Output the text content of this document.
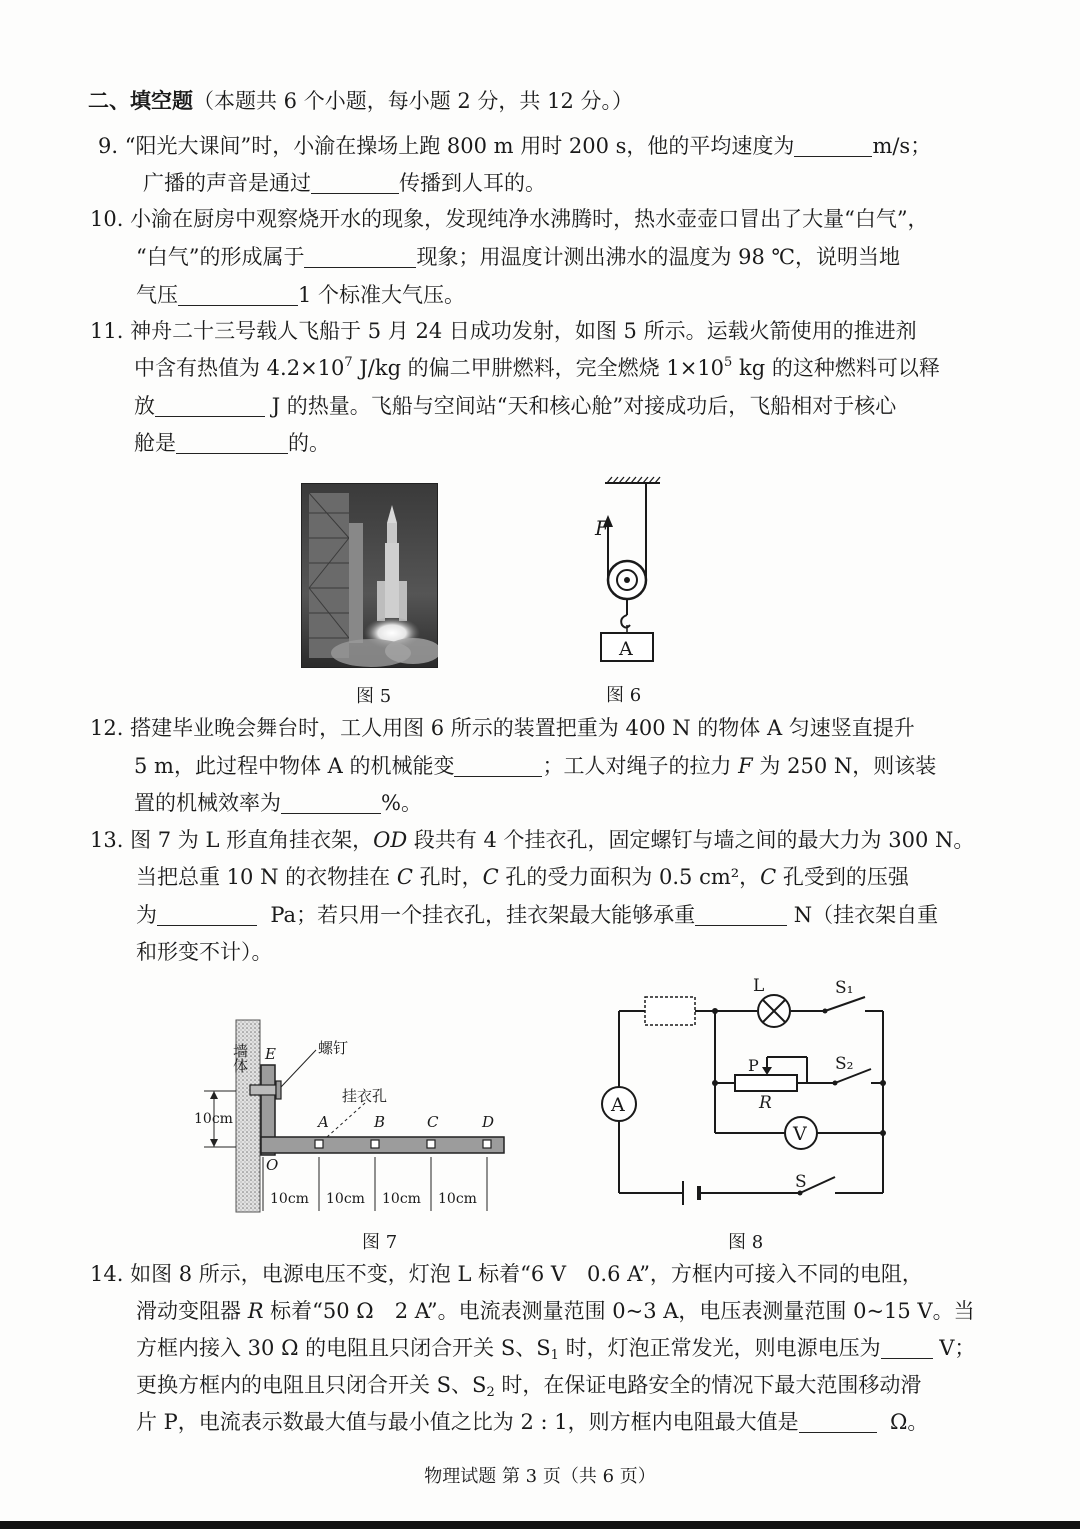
二、填空题（本题共 6 个小题，每小题 2 分，共 12 分。）
9. “阳光大课间”时，小渝在操场上跑 800 m 用时 200 s，他的平均速度为	m/s；
广播的声音是通过	传播到人耳的。
10. 小渝在厨房中观察烧开水的现象，发现纯净水沸腾时，热水壶壶口冒出了大量“白气”，
“白气”的形成属于	现象；用温度计测出沸水的温度为 98 ℃，说明当地
气压	1 个标准大气压。
11. 神舟二十三号载人飞船于 5 月 24 日成功发射，如图 5 所示。运载火箭使用的推进剂
中含有热值为 $4.2\times 10^7$ J/kg 的偏二甲肼燃料，完全燃烧 $1\times 10^5$ kg 的这种燃料可以释
放	J 的热量。飞船与空间站“天和核心舱”对接成功后，飞船相对于核心
舱是	的。
图 5
F
A
图 6
12. 搭建毕业晚会舞台时，工人用图 6 所示的装置把重为 400 N 的物体 A 匀速竖直提升
5 m，此过程中物体 A 的机械能变	；工人对绳子的拉力 F 为 250 N，则该装
置的机械效率为	%。
13. 图 7 为 L 形直角挂衣架，OD 段共有 4 个挂衣孔，固定螺钉与墙之间的最大力为 300 N。
当把总重 10 N 的衣物挂在 C 孔时，C 孔的受力面积为 0.5 cm²，C 孔受到的压强
为	Pa；若只用一个挂衣孔，挂衣架最大能够承重	N（挂衣架自重
和形变不计）。
墙体	螺钉
E
挂衣孔
A	B	C	D
O
10cm
10cm 10cm 10cm 10cm
图 7
A
V
L	S₁
S₂
P
R
S
图 8
14. 如图 8 所示，电源电压不变，灯泡 L 标着“6 V　0.6 A”，方框内可接入不同的电阻，
滑动变阻器 R 标着“50 Ω　2 A”。电流表测量范围 0~3 A，电压表测量范围 0~15 V。当
方框内接入 30 Ω 的电阻且只闭合开关 S、$S_1$ 时，灯泡正常发光，则电源电压为	V；
更换方框内的电阻且只闭合开关 S、$S_2$ 时，在保证电路安全的情况下最大范围移动滑
片 P，电流表示数最大值与最小值之比为 2 : 1，则方框内电阻最大值是	Ω。
物理试题 第 3 页（共 6 页）
